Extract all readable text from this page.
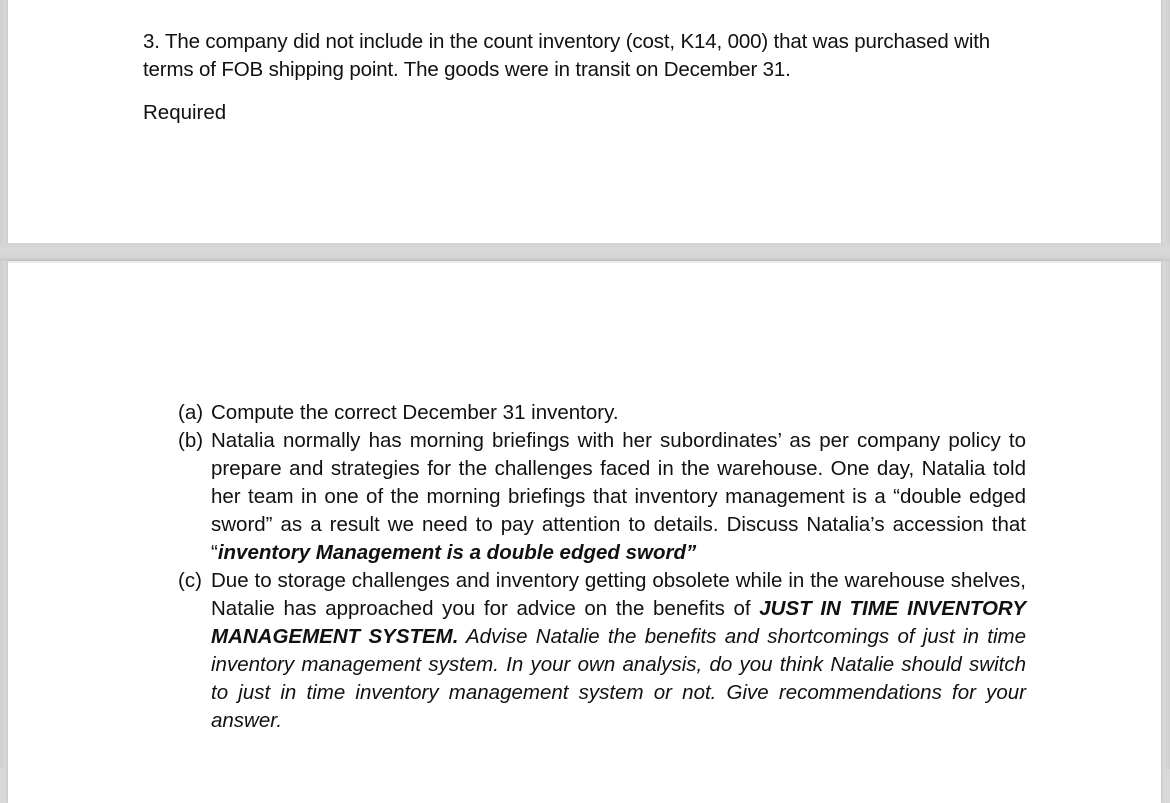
3. The company did not include in the count inventory (cost, K14, 000) that was purchased with terms of FOB shipping point. The goods were in transit on December 31.

Required

(a) Compute the correct December 31 inventory.
(b) Natalia normally has morning briefings with her subordinates’ as per company policy to prepare and strategies for the challenges faced in the warehouse. One day, Natalia told her team in one of the morning briefings that inventory management is a “double edged sword” as a result we need to pay attention to details. Discuss Natalia’s accession that “inventory Management is a double edged sword”
(c) Due to storage challenges and inventory getting obsolete while in the warehouse shelves, Natalie has approached you for advice on the benefits of JUST IN TIME INVENTORY MANAGEMENT SYSTEM. Advise Natalie the benefits and shortcomings of just in time inventory management system. In your own analysis, do you think Natalie should switch to just in time inventory management system or not. Give recommendations for your answer.
